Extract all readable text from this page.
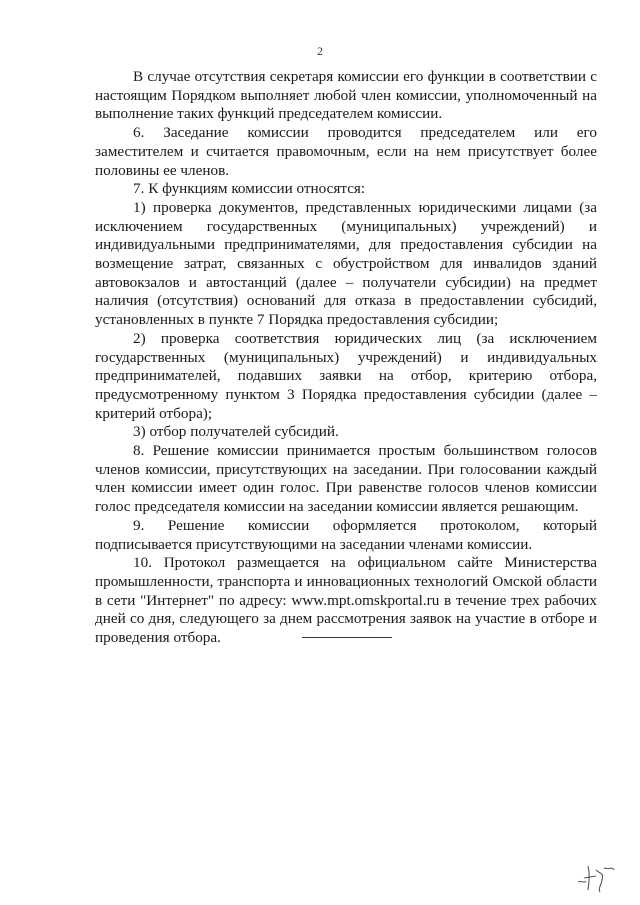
2

В случае отсутствия секретаря комиссии его функции в соответствии с настоящим Порядком выполняет любой член комиссии, уполномоченный на выполнение таких функций председателем комиссии.

6. Заседание комиссии проводится председателем или его заместителем и считается правомочным, если на нем присутствует более половины ее членов.

7. К функциям комиссии относятся:

1) проверка документов, представленных юридическими лицами (за исключением государственных (муниципальных) учреждений) и индивидуальными предпринимателями, для предоставления субсидии на возмещение затрат, связанных с обустройством для инвалидов зданий автовокзалов и автостанций (далее – получатели субсидии) на предмет наличия (отсутствия) оснований для отказа в предоставлении субсидий, установленных в пункте 7 Порядка предоставления субсидии;

2) проверка соответствия юридических лиц (за исключением государственных (муниципальных) учреждений) и индивидуальных предпринимателей, подавших заявки на отбор, критерию отбора, предусмотренному пунктом 3 Порядка предоставления субсидии (далее – критерий отбора);

3) отбор получателей субсидий.

8. Решение комиссии принимается простым большинством голосов членов комиссии, присутствующих на заседании. При голосовании каждый член комиссии имеет один голос. При равенстве голосов членов комиссии голос председателя комиссии на заседании комиссии является решающим.

9. Решение комиссии оформляется протоколом, который подписывается присутствующими на заседании членами комиссии.

10. Протокол размещается на официальном сайте Министерства промышленности, транспорта и инновационных технологий Омской области в сети "Интернет" по адресу: www.mpt.omskportal.ru в течение трех рабочих дней со дня, следующего за днем рассмотрения заявок на участие в отборе и проведения отбора.
